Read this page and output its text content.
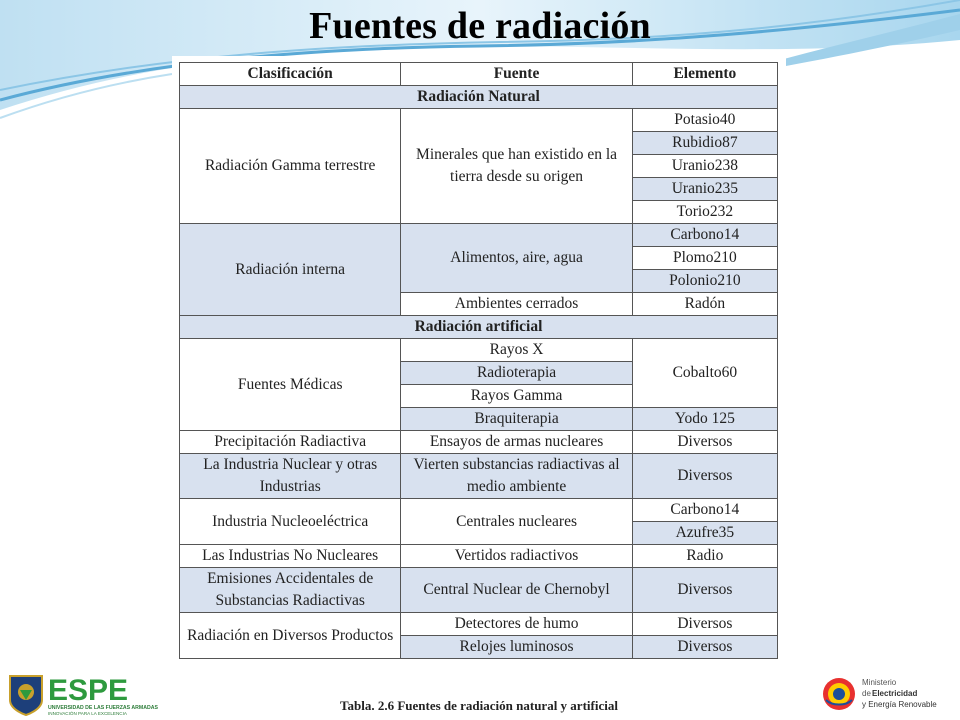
Fuentes de radiación
Clasificación	Fuente	Elemento
Radiación Natural		
Radiación Gamma terrestre	Minerales que han existido en la tierra desde su origen	Potasio40
		Rubidio87
		Uranio238
		Uranio235
		Torio232
Radiación interna	Alimentos, aire, agua	Carbono14
		Plomo210
		Polonio210
	Ambientes cerrados	Radón
Radiación artificial		
Fuentes Médicas	Rayos X	Cobalto60
	Radioterapia	
	Rayos Gamma	
	Braquiterapia	Yodo 125
Precipitación Radiactiva	Ensayos de armas nucleares	Diversos
La Industria Nuclear y otras Industrias	Vierten substancias radiactivas al medio ambiente	Diversos
Industria Nucleoeléctrica	Centrales nucleares	Carbono14
		Azufre35
Las Industrias No Nucleares	Vertidos radiactivos	Radio
Emisiones Accidentales de Substancias Radiactivas	Central Nuclear de Chernobyl	Diversos
Radiación en Diversos Productos	Detectores de humo	Diversos
	Relojes luminosos	Diversos
Tabla. 2.6 Fuentes de radiación natural y artificial
ESPE
UNIVERSIDAD DE LAS FUERZAS ARMADAS
INNOVACIÓN PARA LA EXCELENCIA
Ministerio
de Electricidad
y Energía Renovable
